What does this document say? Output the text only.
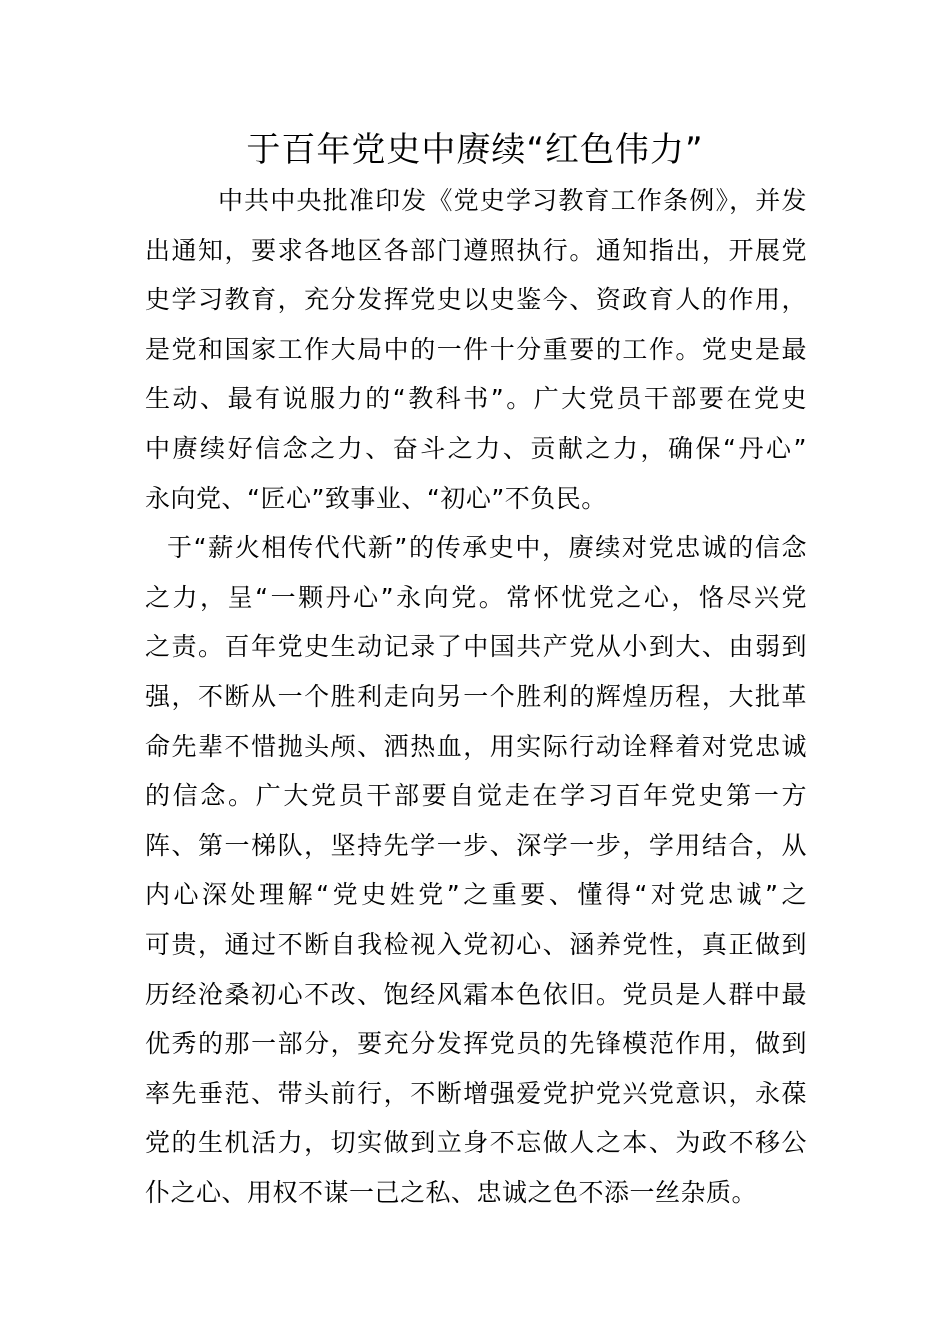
于百年党史中赓续“红色伟力”
中共中央批准印发《党史学习教育工作条例》，并发
出通知，要求各地区各部门遵照执行。通知指出，开展党
史学习教育，充分发挥党史以史鉴今、资政育人的作用，
是党和国家工作大局中的一件十分重要的工作。党史是最
生动、最有说服力的“教科书”。广大党员干部要在党史
中赓续好信念之力、奋斗之力、贡献之力，确保“丹心”
永向党、“匠心”致事业、“初心”不负民。
于“薪火相传代代新”的传承史中，赓续对党忠诚的信念
之力，呈“一颗丹心”永向党。常怀忧党之心，恪尽兴党
之责。百年党史生动记录了中国共产党从小到大、由弱到
强，不断从一个胜利走向另一个胜利的辉煌历程，大批革
命先辈不惜抛头颅、洒热血，用实际行动诠释着对党忠诚
的信念。广大党员干部要自觉走在学习百年党史第一方
阵、第一梯队，坚持先学一步、深学一步，学用结合，从
内心深处理解“党史姓党”之重要、懂得“对党忠诚”之
可贵，通过不断自我检视入党初心、涵养党性，真正做到
历经沧桑初心不改、饱经风霜本色依旧。党员是人群中最
优秀的那一部分，要充分发挥党员的先锋模范作用，做到
率先垂范、带头前行，不断增强爱党护党兴党意识，永葆
党的生机活力，切实做到立身不忘做人之本、为政不移公
仆之心、用权不谋一己之私、忠诚之色不添一丝杂质。
